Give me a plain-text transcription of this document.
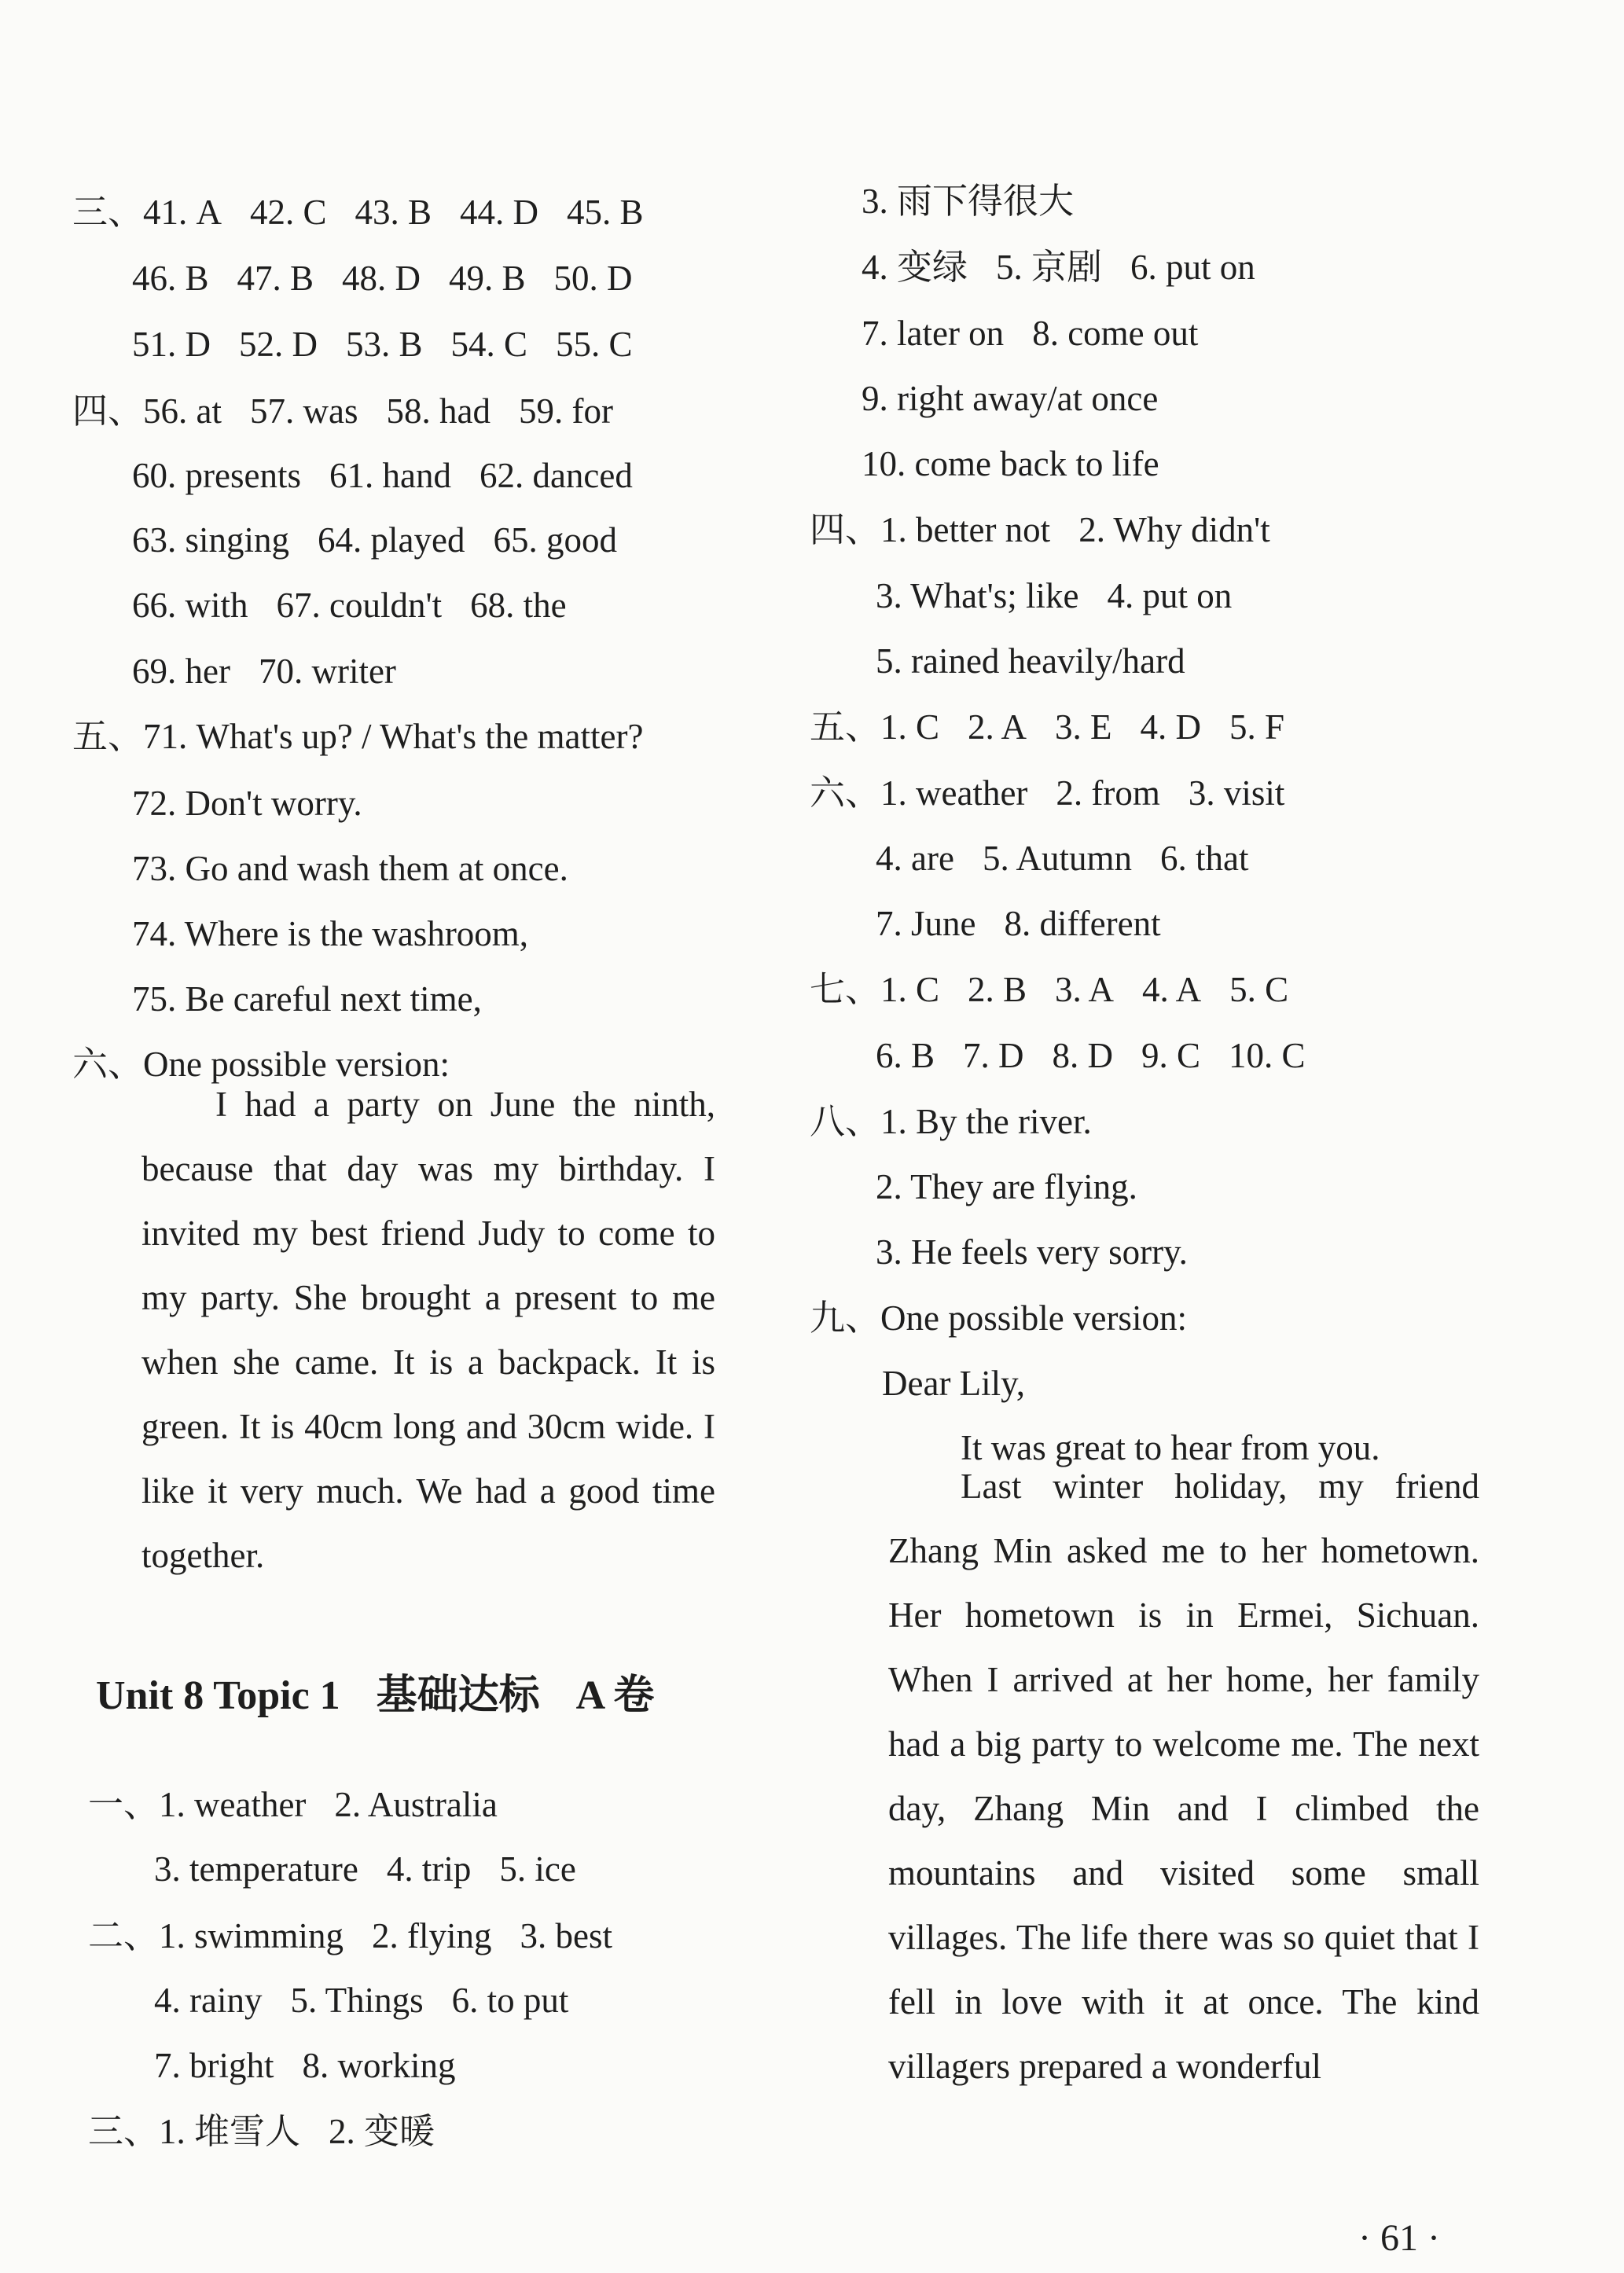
三、41. A 42. C 43. B 44. D 45. B
46. B 47. B 48. D 49. B 50. D
51. D 52. D 53. B 54. C 55. C
四、56. at 57. was 58. had 59. for
60. presents 61. hand 62. danced
63. singing 64. played 65. good
66. with 67. couldn't 68. the
69. her 70. writer
五、71. What's up? / What's the matter?
72. Don't worry.
73. Go and wash them at once.
74. Where is the washroom,
75. Be careful next time,
六、One possible version:

I had a party on June the ninth, because that day was my birthday. I invited my best friend Judy to come to my party. She brought a present to me when she came. It is a backpack. It is green. It is 40cm long and 30cm wide. I like it very much. We had a good time together.

Unit 8 Topic 1 基础达标 A 卷
一、1. weather 2. Australia
3. temperature 4. trip 5. ice
二、1. swimming 2. flying 3. best
4. rainy 5. Things 6. to put
7. bright 8. working
三、1. 堆雪人 2. 变暖
3. 雨下得很大
4. 变绿 5. 京剧 6. put on
7. later on 8. come out
9. right away/at once
10. come back to life
四、1. better not 2. Why didn't
3. What's; like 4. put on
5. rained heavily/hard
五、1. C 2. A 3. E 4. D 5. F
六、1. weather 2. from 3. visit
4. are 5. Autumn 6. that
7. June 8. different
七、1. C 2. B 3. A 4. A 5. C
6. B 7. D 8. D 9. C 10. C
八、1. By the river.
2. They are flying.
3. He feels very sorry.
九、One possible version:
Dear Lily,
It was great to hear from you.

Last winter holiday, my friend Zhang Min asked me to her hometown. Her hometown is in Ermei, Sichuan. When I arrived at her home, her family had a big party to welcome me. The next day, Zhang Min and I climbed the mountains and visited some small villages. The life there was so quiet that I fell in love with it at once. The kind villagers prepared a wonderful

· 61 ·
